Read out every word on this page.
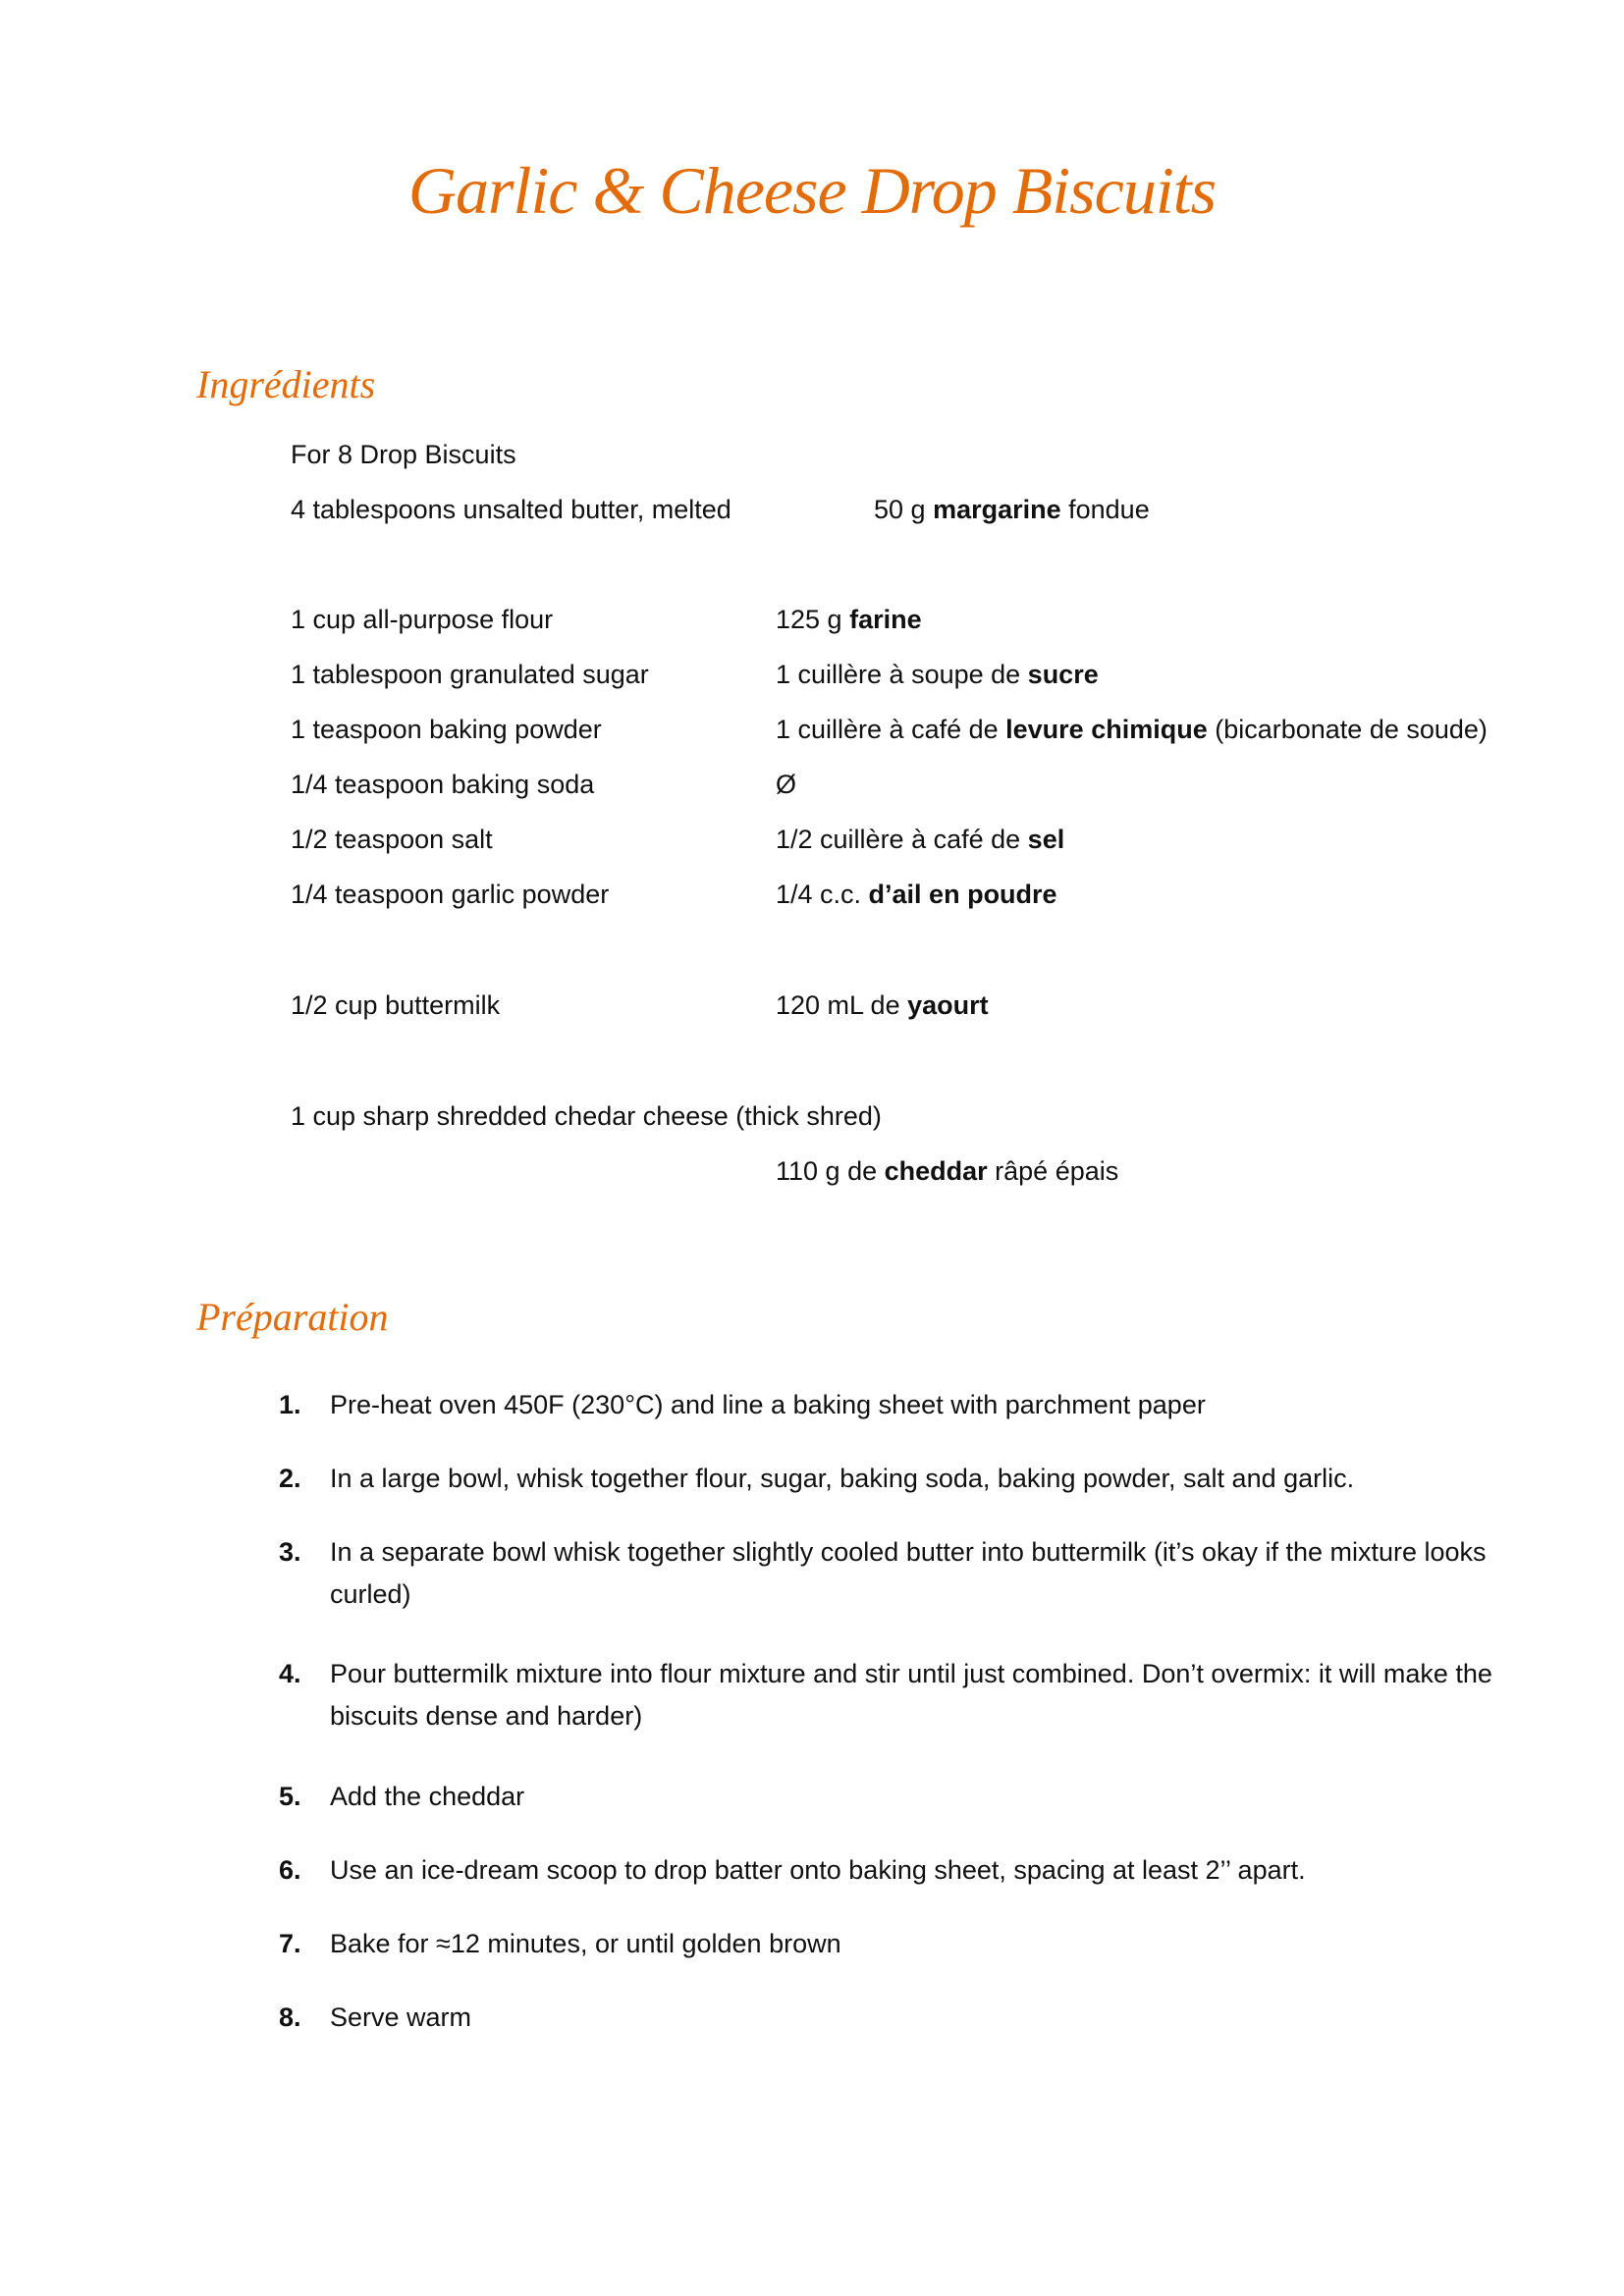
Garlic & Cheese Drop Biscuits
Ingrédients
For 8 Drop Biscuits
4 tablespoons unsalted butter, melted	50 g margarine fondue
1 cup all-purpose flour	125 g farine
1 tablespoon granulated sugar	1 cuillère à soupe de sucre
1 teaspoon baking powder	1 cuillère à café de levure chimique (bicarbonate de soude)
1/4 teaspoon baking soda	Ø
1/2 teaspoon salt	1/2 cuillère à café de sel
1/4 teaspoon garlic powder	1/4 c.c. d’ail en poudre
1/2 cup buttermilk	120 mL de yaourt
1 cup sharp shredded chedar cheese (thick shred)
110 g de cheddar râpé épais
Préparation
1. Pre-heat oven 450F (230°C) and line a baking sheet with parchment paper
2. In a large bowl, whisk together flour, sugar, baking soda, baking powder, salt and garlic.
3. In a separate bowl whisk together slightly cooled butter into buttermilk (it’s okay if the mixture looks curled)
4. Pour buttermilk mixture into flour mixture and stir until just combined. Don’t overmix: it will make the biscuits dense and harder)
5. Add the cheddar
6. Use an ice-dream scoop to drop batter onto baking sheet, spacing at least 2’’ apart.
7. Bake for ≈12 minutes, or until golden brown
8. Serve warm
